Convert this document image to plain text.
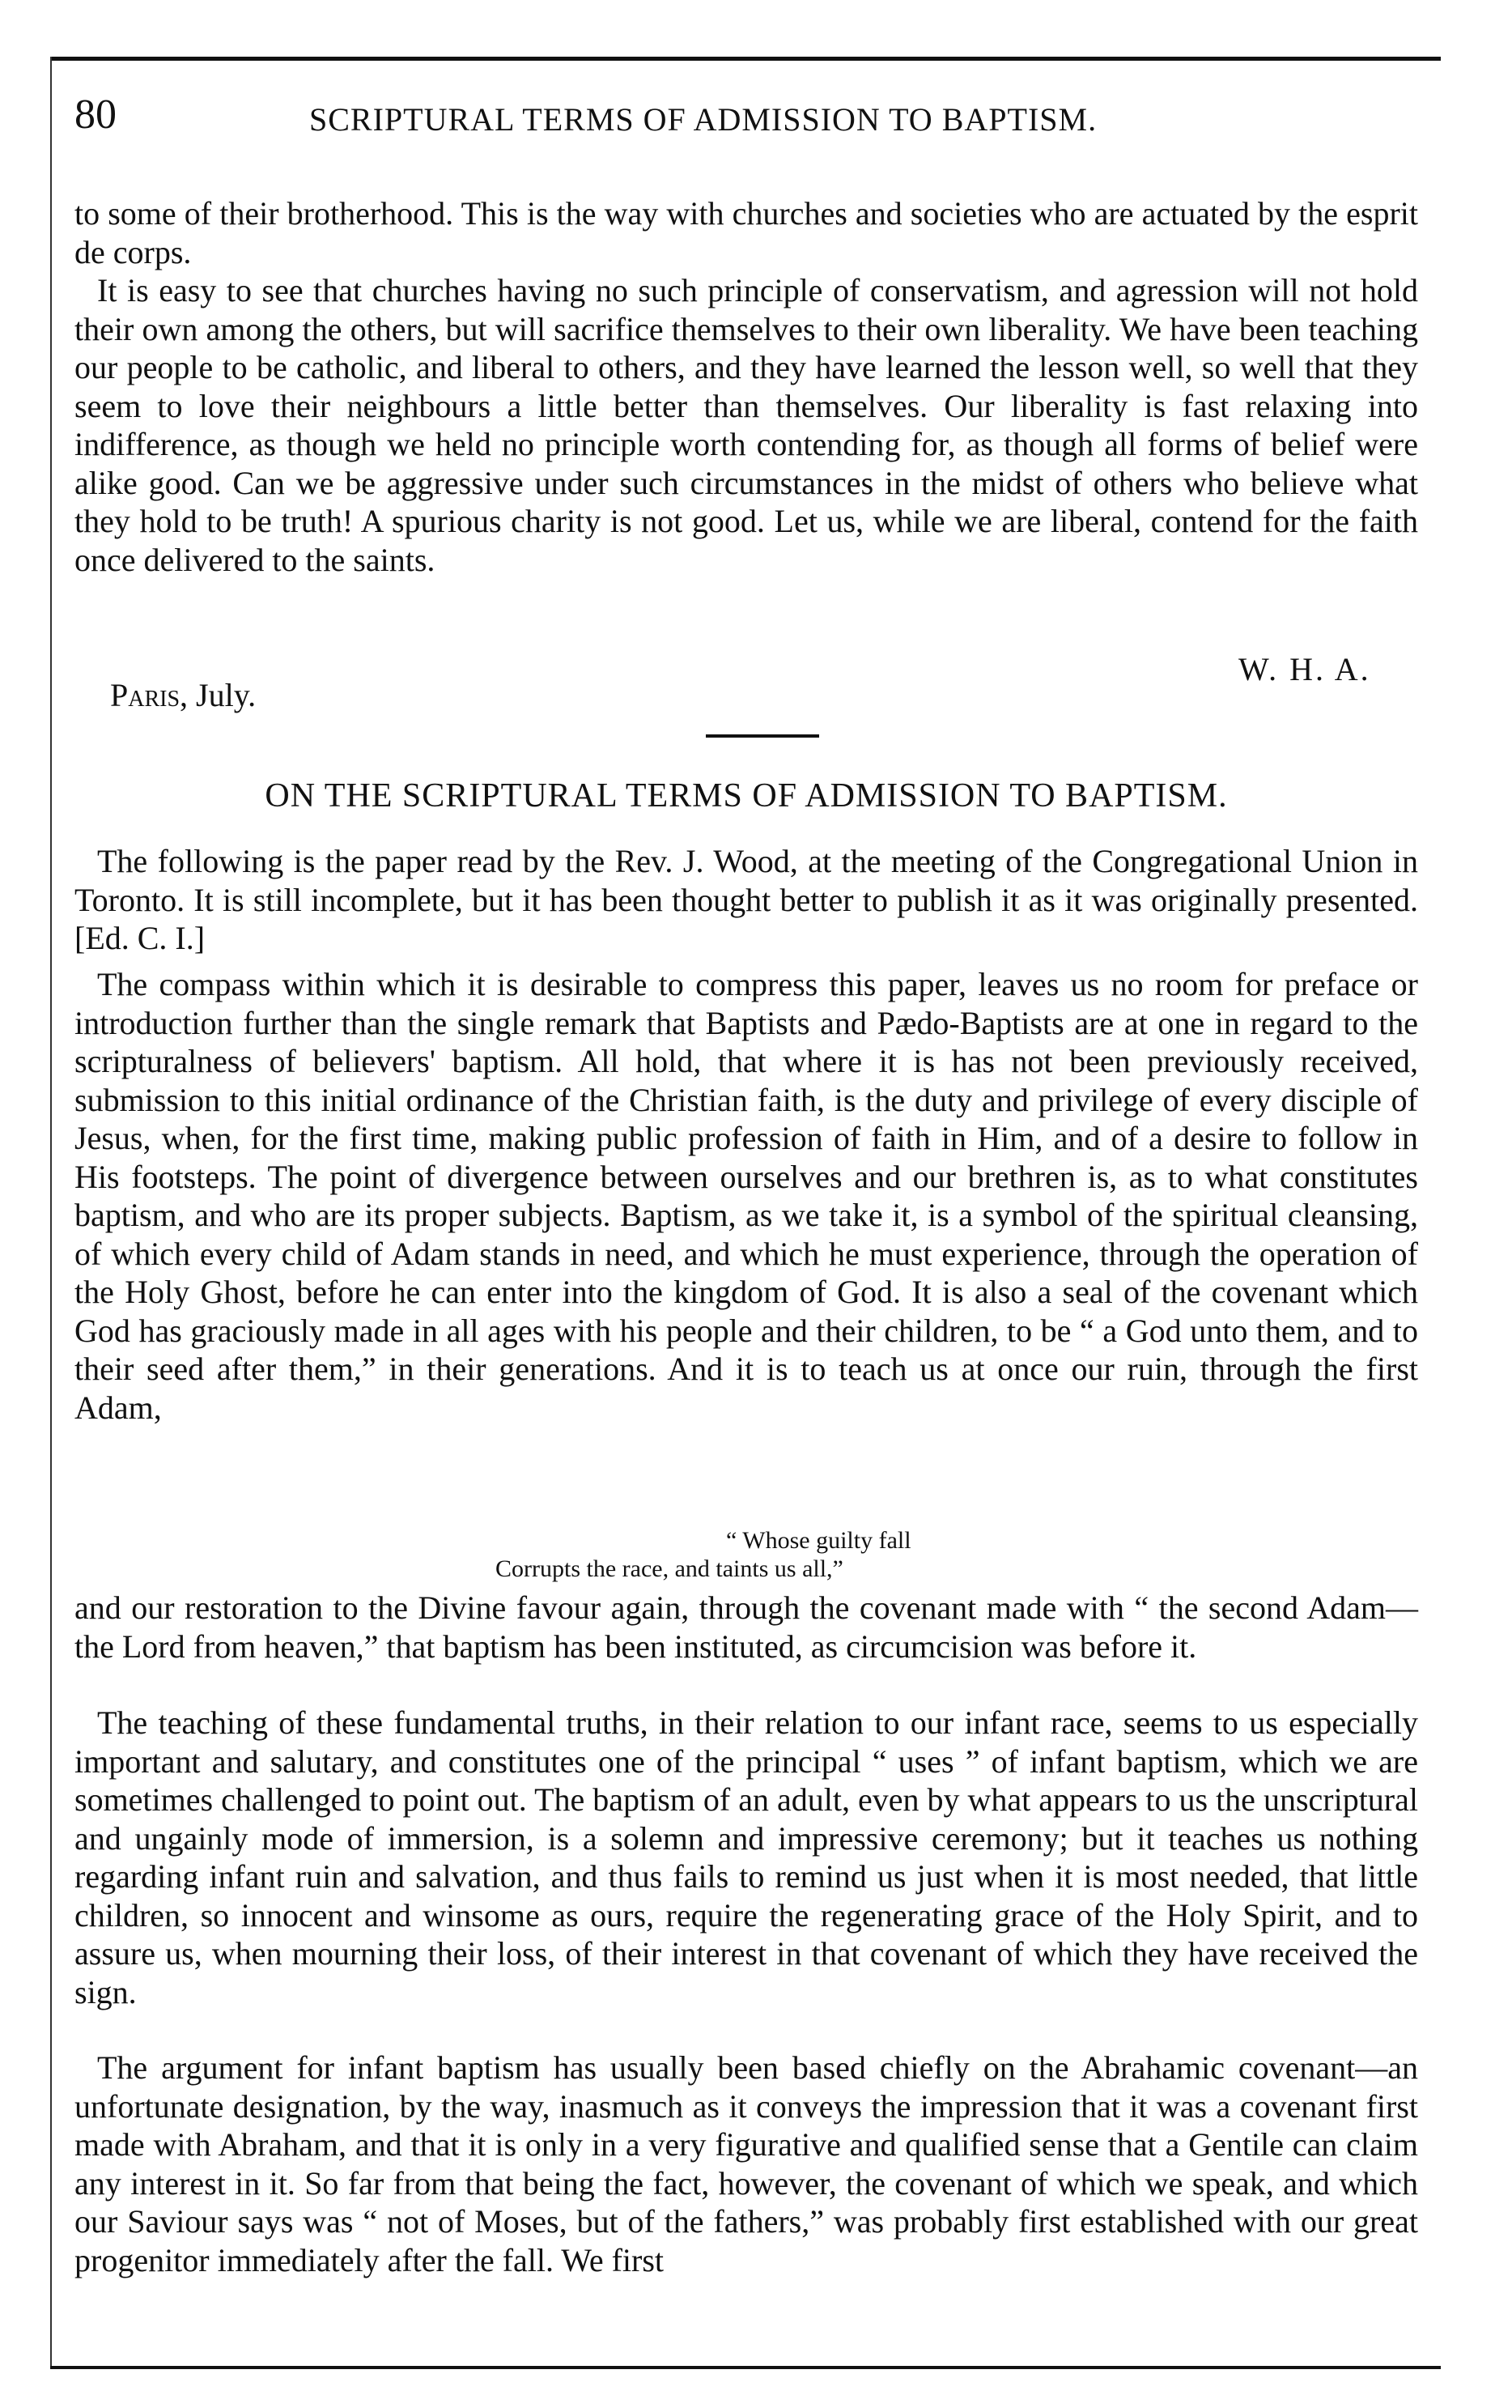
80	SCRIPTURAL TERMS OF ADMISSION TO BAPTISM.

to some of their brotherhood. This is the way with churches and societies who are actuated by the esprit de corps.

It is easy to see that churches having no such principle of conservatism, and agression will not hold their own among the others, but will sacrifice themselves to their own liberality. We have been teaching our people to be catholic, and liberal to others, and they have learned the lesson well, so well that they seem to love their neighbours a little better than themselves. Our liberality is fast relaxing into indifference, as though we held no principle worth contending for, as though all forms of belief were alike good. Can we be aggressive under such circumstances in the midst of others who believe what they hold to be truth! A spurious charity is not good. Let us, while we are liberal, contend for the faith once delivered to the saints.

W. H. A.
Paris, July.
ON THE SCRIPTURAL TERMS OF ADMISSION TO BAPTISM.

The following is the paper read by the Rev. J. Wood, at the meeting of the Congregational Union in Toronto. It is still incomplete, but it has been thought better to publish it as it was originally presented. [Ed. C. I.]

The compass within which it is desirable to compress this paper, leaves us no room for preface or introduction further than the single remark that Baptists and Pædo-Baptists are at one in regard to the scripturalness of believers' baptism. All hold, that where it is has not been previously received, submission to this initial ordinance of the Christian faith, is the duty and privilege of every disciple of Jesus, when, for the first time, making public profession of faith in Him, and of a desire to follow in His footsteps. The point of divergence between ourselves and our brethren is, as to what constitutes baptism, and who are its proper subjects. Baptism, as we take it, is a symbol of the spiritual cleansing, of which every child of Adam stands in need, and which he must experience, through the operation of the Holy Ghost, before he can enter into the kingdom of God. It is also a seal of the covenant which God has graciously made in all ages with his people and their children, to be “ a God unto them, and to their seed after them,” in their generations. And it is to teach us at once our ruin, through the first Adam,

“ Whose guilty fall
Corrupts the race, and taints us all,”

and our restoration to the Divine favour again, through the covenant made with “ the second Adam—the Lord from heaven,” that baptism has been instituted, as circumcision was before it.

The teaching of these fundamental truths, in their relation to our infant race, seems to us especially important and salutary, and constitutes one of the principal “ uses ” of infant baptism, which we are sometimes challenged to point out. The baptism of an adult, even by what appears to us the unscriptural and ungainly mode of immersion, is a solemn and impressive ceremony; but it teaches us nothing regarding infant ruin and salvation, and thus fails to remind us just when it is most needed, that little children, so innocent and winsome as ours, require the regenerating grace of the Holy Spirit, and to assure us, when mourning their loss, of their interest in that covenant of which they have received the sign.

The argument for infant baptism has usually been based chiefly on the Abrahamic covenant—an unfortunate designation, by the way, inasmuch as it conveys the impression that it was a covenant first made with Abraham, and that it is only in a very figurative and qualified sense that a Gentile can claim any interest in it. So far from that being the fact, however, the covenant of which we speak, and which our Saviour says was “ not of Moses, but of the fathers,” was probably first established with our great progenitor immediately after the fall. We first
